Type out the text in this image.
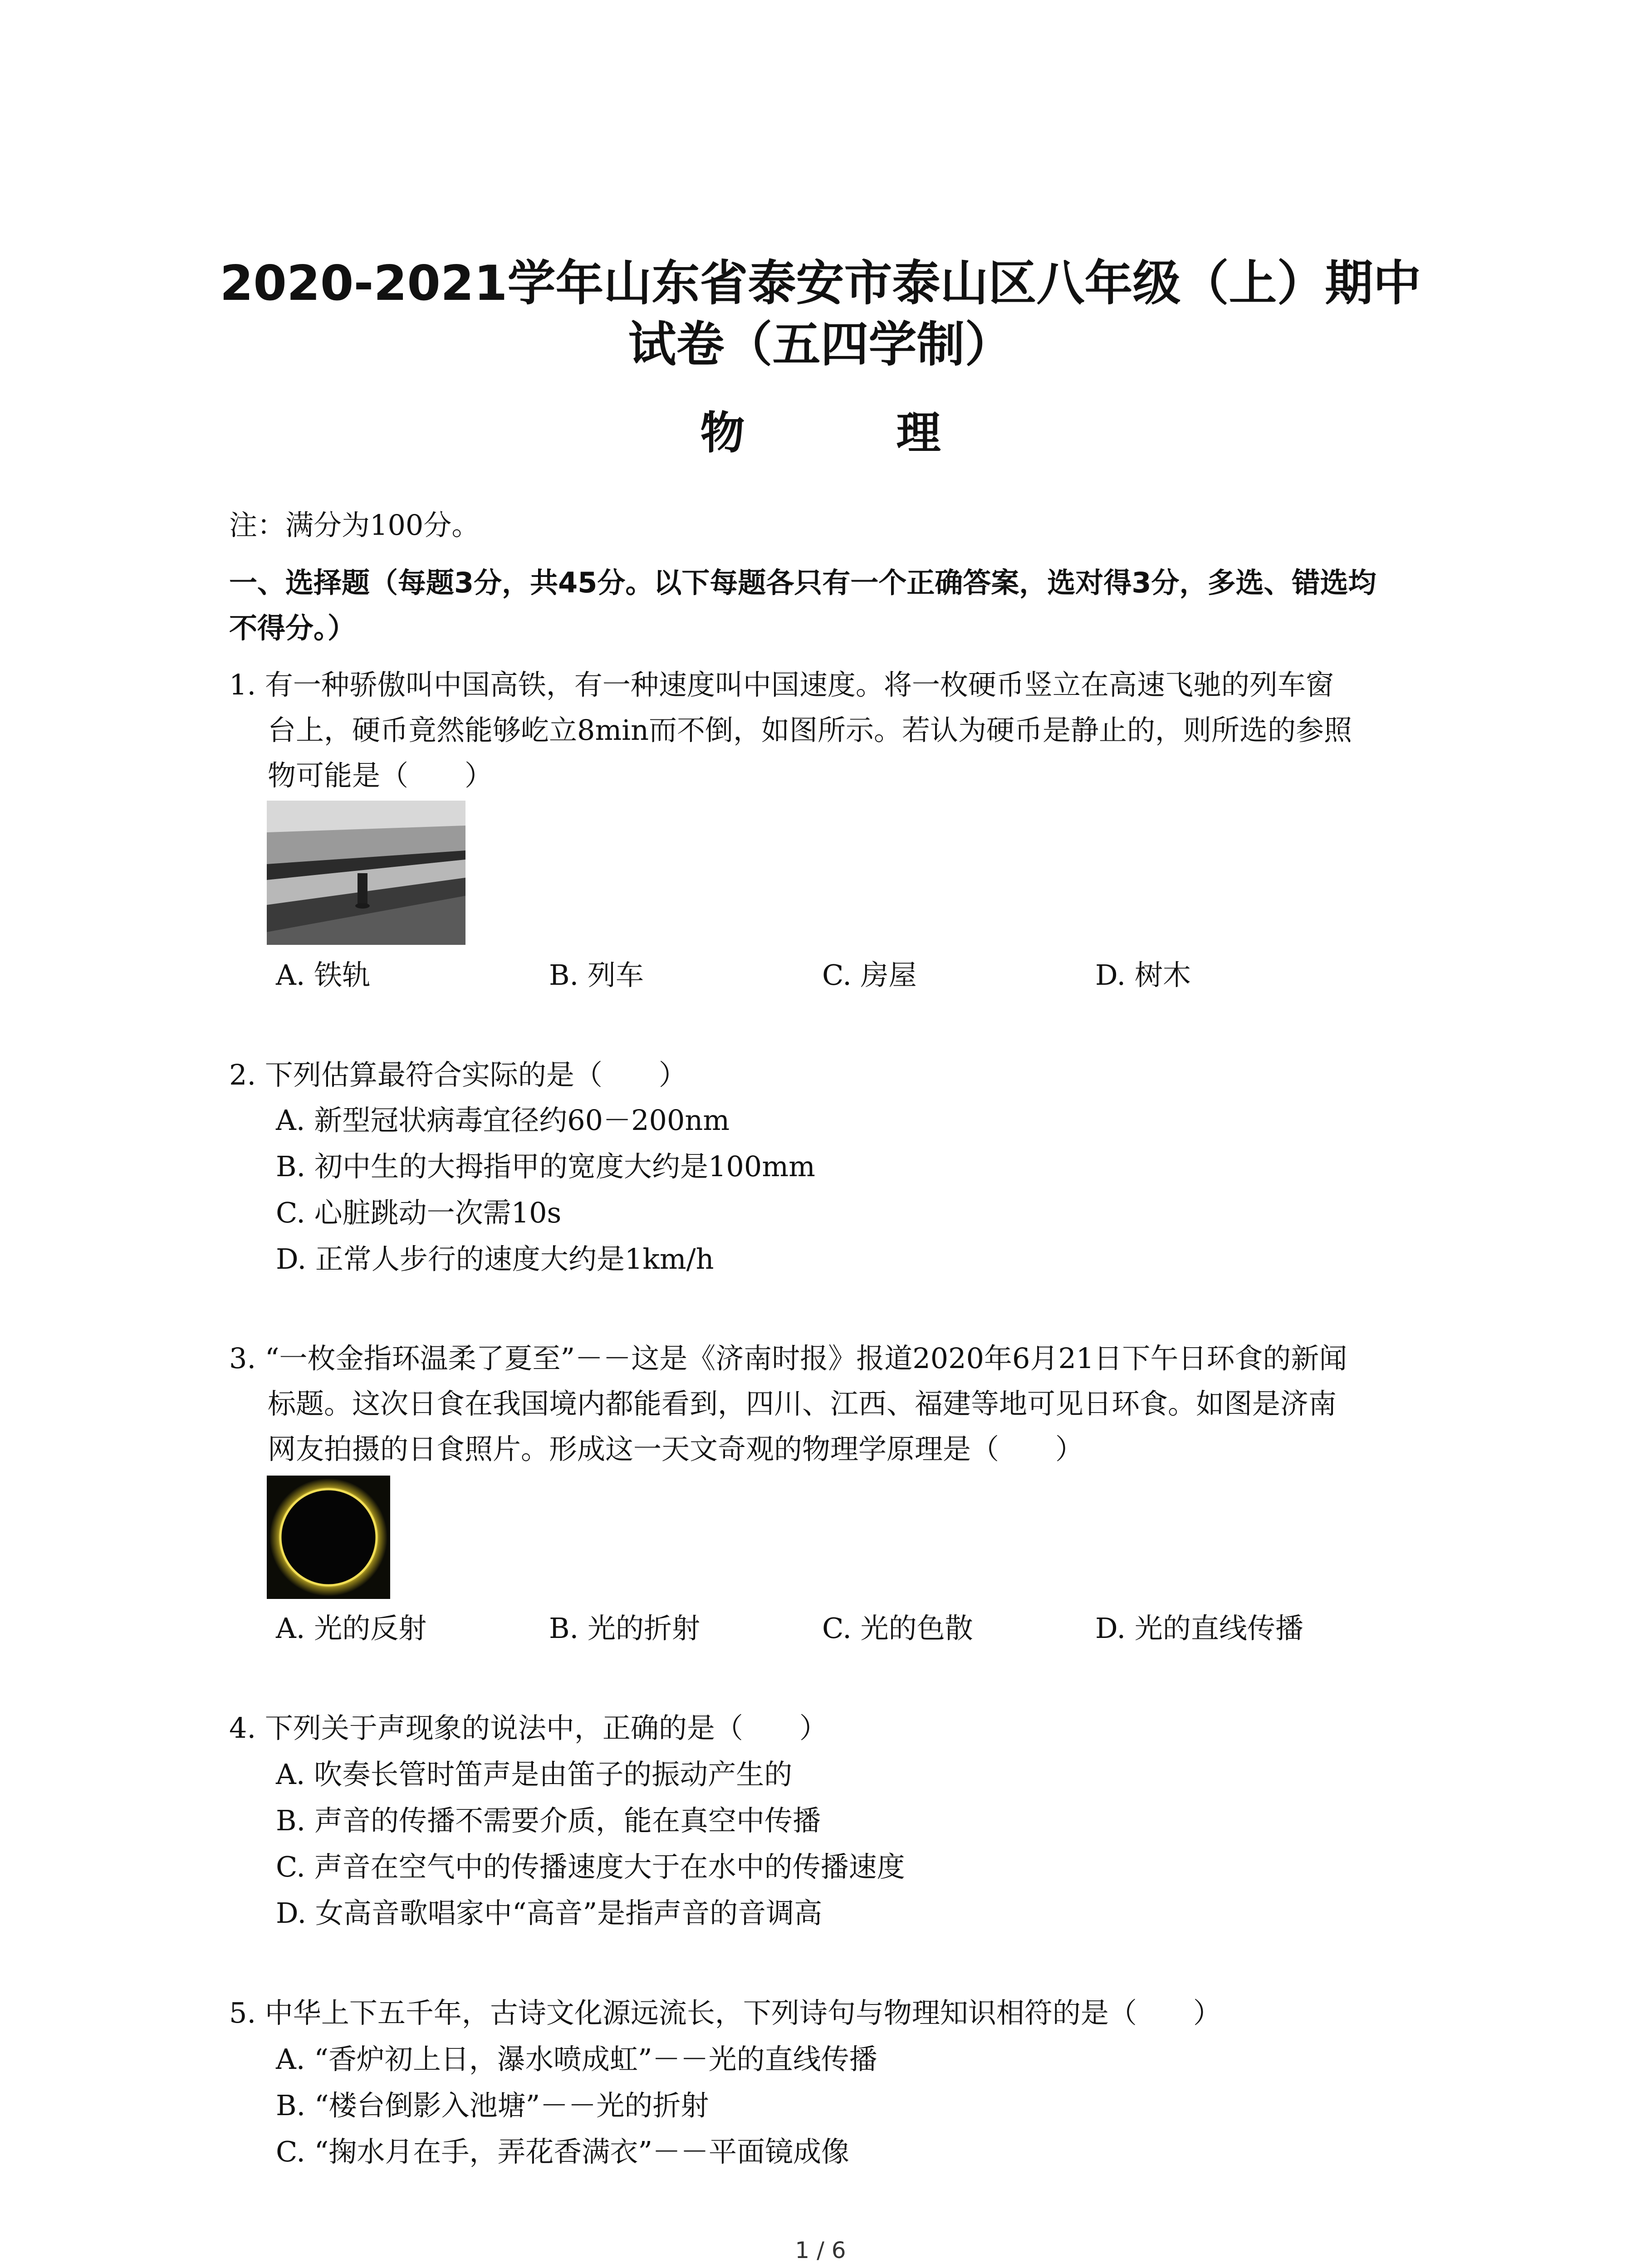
2020-2021学年山东省泰安市泰山区八年级（上）期中
试卷（五四学制）
物 理
注：满分为100分。
一、选择题（每题3分，共45分。以下每题各只有一个正确答案，选对得3分，多选、错选均
不得分。）
1. 有一种骄傲叫中国高铁，有一种速度叫中国速度。将一枚硬币竖立在高速飞驰的列车窗
台上，硬币竟然能够屹立8min而不倒，如图所示。若认为硬币是静止的，则所选的参照
物可能是（　　）
A. 铁轨	B. 列车	C. 房屋	D. 树木
2. 下列估算最符合实际的是（　　）
A. 新型冠状病毒宜径约60－200nm
B. 初中生的大拇指甲的宽度大约是100mm
C. 心脏跳动一次需10s
D. 正常人步行的速度大约是1km/h
3. “一枚金指环温柔了夏至”－－这是《济南时报》报道2020年6月21日下午日环食的新闻
标题。这次日食在我国境内都能看到，四川、江西、福建等地可见日环食。如图是济南
网友拍摄的日食照片。形成这一天文奇观的物理学原理是（　　）
A. 光的反射	B. 光的折射	C. 光的色散	D. 光的直线传播
4. 下列关于声现象的说法中，正确的是（　　）
A. 吹奏长管时笛声是由笛子的振动产生的
B. 声音的传播不需要介质，能在真空中传播
C. 声音在空气中的传播速度大于在水中的传播速度
D. 女高音歌唱家中“高音”是指声音的音调高
5. 中华上下五千年，古诗文化源远流长，下列诗句与物理知识相符的是（　　）
A. “香炉初上日，瀑水喷成虹”－－光的直线传播
B. “楼台倒影入池塘”－－光的折射
C. “掬水月在手，弄花香满衣”－－平面镜成像
1 / 6
